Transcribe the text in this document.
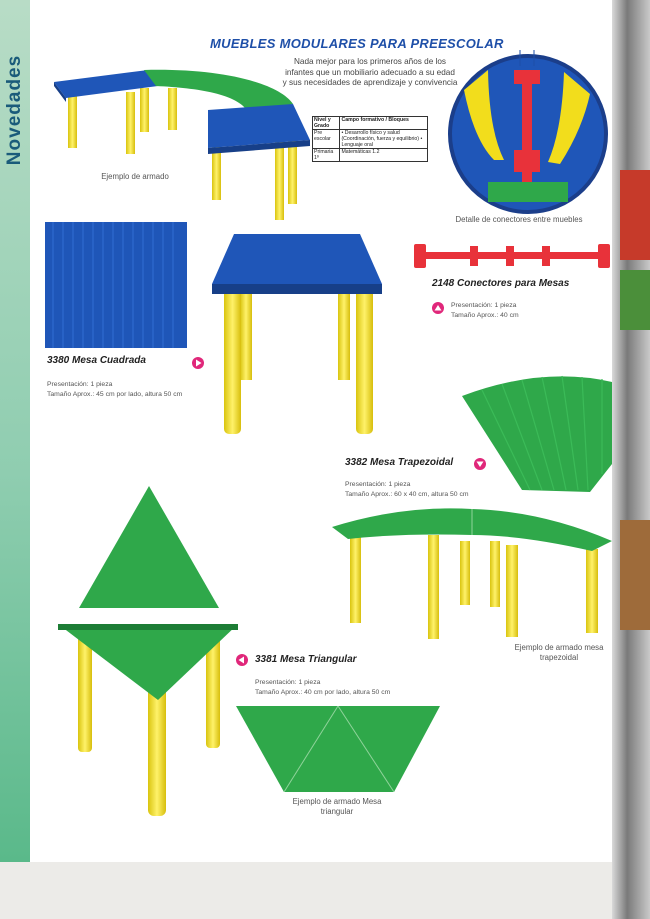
Novedades
MUEBLES MODULARES PARA PREESCOLAR
Nada mejor para los primeros años de los infantes que un mobiliario adecuado a su edad y sus necesidades de aprendizaje y convivencia
Nivel y Grado	Campo formativo / Bloques
Pre escolar	• Desarrollo físico y salud (Coordinación, fuerza y equilibrio) • Lenguaje oral
Primaria 1º	Matemáticas 1.2
Ejemplo de armado
Detalle de conectores entre muebles
2148 Conectores para Mesas
Presentación: 1 pieza
Tamaño Aprox.: 40 cm
3380 Mesa Cuadrada
Presentación: 1 pieza
Tamaño Aprox.: 45 cm por lado, altura 50 cm
3382 Mesa Trapezoidal
Presentación: 1 pieza
Tamaño Aprox.: 60 x 40 cm, altura 50 cm
Ejemplo de armado mesa trapezoidal
3381 Mesa Triangular
Presentación: 1 pieza
Tamaño Aprox.: 40 cm por lado, altura 50 cm
Ejemplo de armado Mesa triangular
